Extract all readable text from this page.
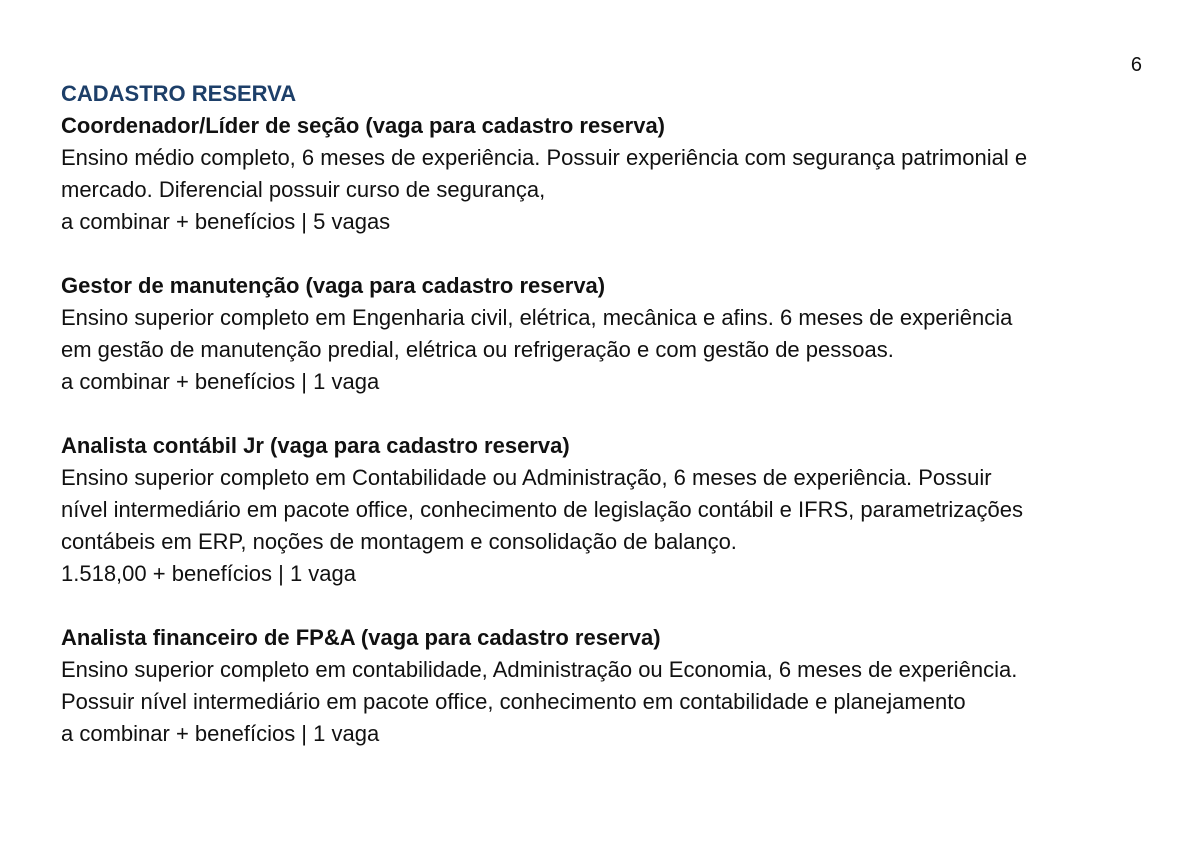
6
CADASTRO RESERVA

Coordenador/Líder de seção (vaga para cadastro reserva)

Ensino médio completo, 6 meses de experiência. Possuir experiência com segurança patrimonial e
mercado. Diferencial possuir curso de segurança,

a combinar + benefícios | 5 vagas

Gestor de manutenção (vaga para cadastro reserva)

Ensino superior completo em Engenharia civil, elétrica, mecânica e afins. 6 meses de experiência
em gestão de manutenção predial, elétrica ou refrigeração e com gestão de pessoas.

a combinar + benefícios | 1 vaga

Analista contábil Jr (vaga para cadastro reserva)

Ensino superior completo em Contabilidade ou Administração, 6 meses de experiência. Possuir
nível intermediário em pacote office, conhecimento de legislação contábil e IFRS, parametrizações
contábeis em ERP, noções de montagem e consolidação de balanço.

1.518,00 + benefícios | 1 vaga

Analista financeiro de FP&A (vaga para cadastro reserva)

Ensino superior completo em contabilidade, Administração ou Economia, 6 meses de experiência.
Possuir nível intermediário em pacote office, conhecimento em contabilidade e planejamento

a combinar + benefícios | 1 vaga
